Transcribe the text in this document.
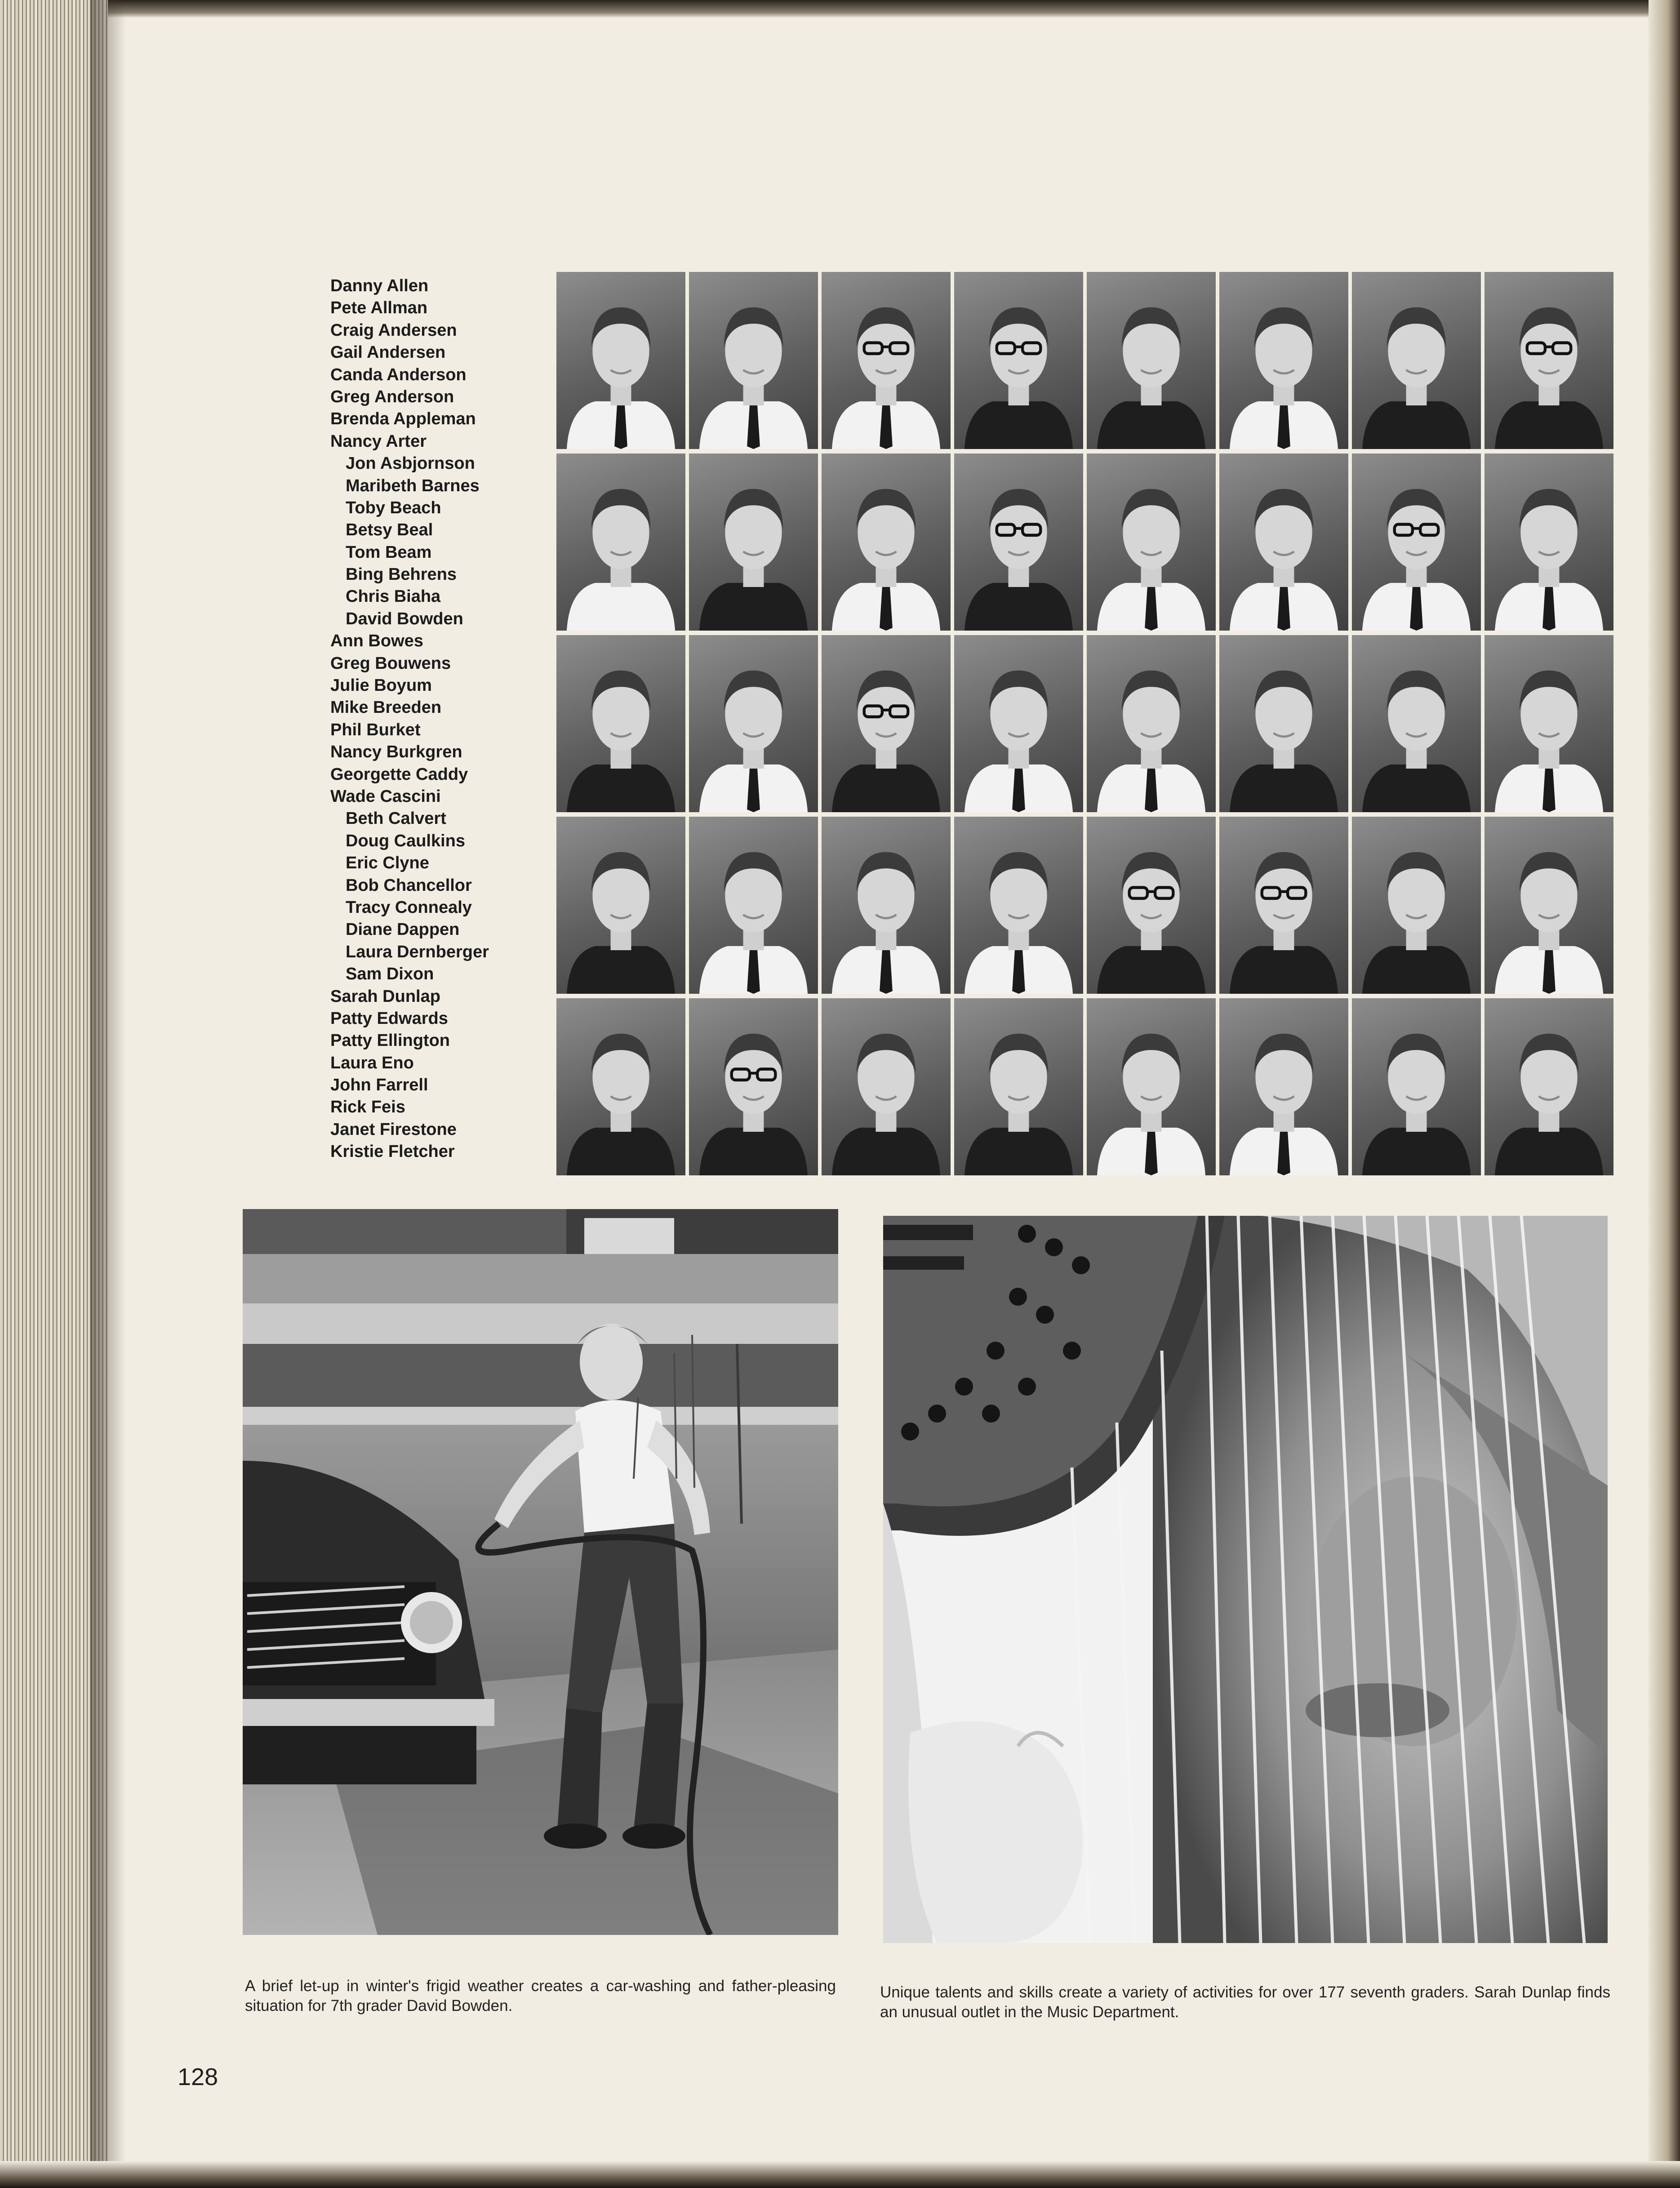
Danny Allen
Pete Allman
Craig Andersen
Gail Andersen
Canda Anderson
Greg Anderson
Brenda Appleman
Nancy Arter
Jon Asbjornson
Maribeth Barnes
Toby Beach
Betsy Beal
Tom Beam
Bing Behrens
Chris Biaha
David Bowden
Ann Bowes
Greg Bouwens
Julie Boyum
Mike Breeden
Phil Burket
Nancy Burkgren
Georgette Caddy
Wade Cascini
Beth Calvert
Doug Caulkins
Eric Clyne
Bob Chancellor
Tracy Connealy
Diane Dappen
Laura Dernberger
Sam Dixon
Sarah Dunlap
Patty Edwards
Patty Ellington
Laura Eno
John Farrell
Rick Feis
Janet Firestone
Kristie Fletcher

A brief let-up in winter's frigid weather creates a car-washing and father-pleasing situation for 7th grader David Bowden.

Unique talents and skills create a variety of activities for over 177 seventh graders. Sarah Dunlap finds an unusual outlet in the Music Department.

128
